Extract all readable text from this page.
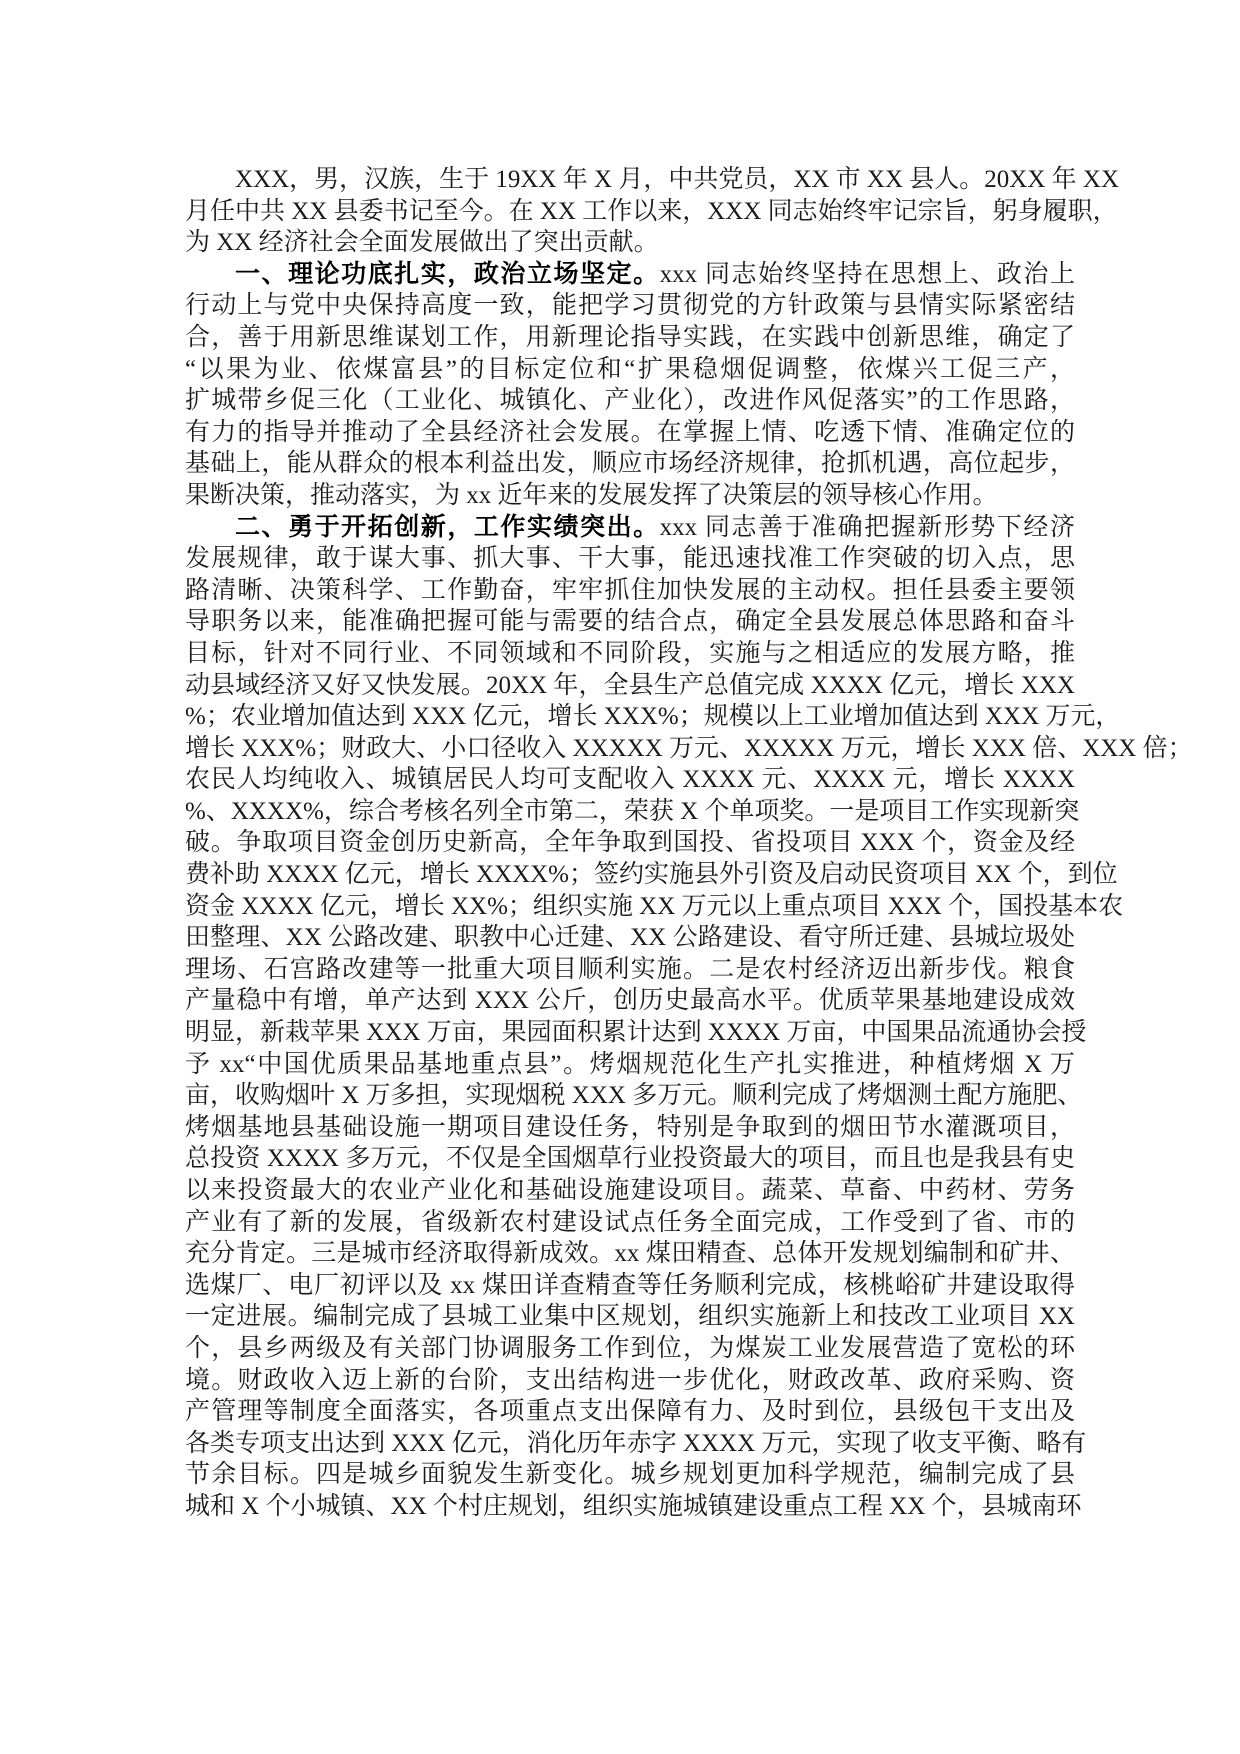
XXX，男，汉族，生于 19XX 年 X 月，中共党员，XX 市 XX 县人。20XX 年 XX
月任中共 XX 县委书记至今。在 XX 工作以来，XXX 同志始终牢记宗旨，躬身履职，
为 XX 经济社会全面发展做出了突出贡献。
一、理论功底扎实，政治立场坚定。xxx 同志始终坚持在思想上、政治上
行动上与党中央保持高度一致，能把学习贯彻党的方针政策与县情实际紧密结
合，善于用新思维谋划工作，用新理论指导实践，在实践中创新思维，确定了
“以果为业、依煤富县”的目标定位和“扩果稳烟促调整，依煤兴工促三产，
扩城带乡促三化（工业化、城镇化、产业化），改进作风促落实”的工作思路，
有力的指导并推动了全县经济社会发展。在掌握上情、吃透下情、准确定位的
基础上，能从群众的根本利益出发，顺应市场经济规律，抢抓机遇，高位起步，
果断决策，推动落实，为 xx 近年来的发展发挥了决策层的领导核心作用。
二、勇于开拓创新，工作实绩突出。xxx 同志善于准确把握新形势下经济
发展规律，敢于谋大事、抓大事、干大事，能迅速找准工作突破的切入点，思
路清晰、决策科学、工作勤奋，牢牢抓住加快发展的主动权。担任县委主要领
导职务以来，能准确把握可能与需要的结合点，确定全县发展总体思路和奋斗
目标，针对不同行业、不同领域和不同阶段，实施与之相适应的发展方略，推
动县域经济又好又快发展。20XX 年，全县生产总值完成 XXXX 亿元，增长 XXX
%；农业增加值达到 XXX 亿元，增长 XXX%；规模以上工业增加值达到 XXX 万元，
增长 XXX%；财政大、小口径收入 XXXXX 万元、XXXXX 万元，增长 XXX 倍、XXX 倍；
农民人均纯收入、城镇居民人均可支配收入 XXXX 元、XXXX 元，增长 XXXX
%、XXXX%，综合考核名列全市第二，荣获 X 个单项奖。一是项目工作实现新突
破。争取项目资金创历史新高，全年争取到国投、省投项目 XXX 个，资金及经
费补助 XXXX 亿元，增长 XXXX%；签约实施县外引资及启动民资项目 XX 个，到位
资金 XXXX 亿元，增长 XX%；组织实施 XX 万元以上重点项目 XXX 个，国投基本农
田整理、XX 公路改建、职教中心迁建、XX 公路建设、看守所迁建、县城垃圾处
理场、石宫路改建等一批重大项目顺利实施。二是农村经济迈出新步伐。粮食
产量稳中有增，单产达到 XXX 公斤，创历史最高水平。优质苹果基地建设成效
明显，新栽苹果 XXX 万亩，果园面积累计达到 XXXX 万亩，中国果品流通协会授
予 xx“中国优质果品基地重点县”。烤烟规范化生产扎实推进，种植烤烟 X 万
亩，收购烟叶 X 万多担，实现烟税 XXX 多万元。顺利完成了烤烟测土配方施肥、
烤烟基地县基础设施一期项目建设任务，特别是争取到的烟田节水灌溉项目，
总投资 XXXX 多万元，不仅是全国烟草行业投资最大的项目，而且也是我县有史
以来投资最大的农业产业化和基础设施建设项目。蔬菜、草畜、中药材、劳务
产业有了新的发展，省级新农村建设试点任务全面完成，工作受到了省、市的
充分肯定。三是城市经济取得新成效。xx 煤田精查、总体开发规划编制和矿井、
选煤厂、电厂初评以及 xx 煤田详查精查等任务顺利完成，核桃峪矿井建设取得
一定进展。编制完成了县城工业集中区规划，组织实施新上和技改工业项目 XX
个，县乡两级及有关部门协调服务工作到位，为煤炭工业发展营造了宽松的环
境。财政收入迈上新的台阶，支出结构进一步优化，财政改革、政府采购、资
产管理等制度全面落实，各项重点支出保障有力、及时到位，县级包干支出及
各类专项支出达到 XXX 亿元，消化历年赤字 XXXX 万元，实现了收支平衡、略有
节余目标。四是城乡面貌发生新变化。城乡规划更加科学规范，编制完成了县
城和 X 个小城镇、XX 个村庄规划，组织实施城镇建设重点工程 XX 个，县城南环
